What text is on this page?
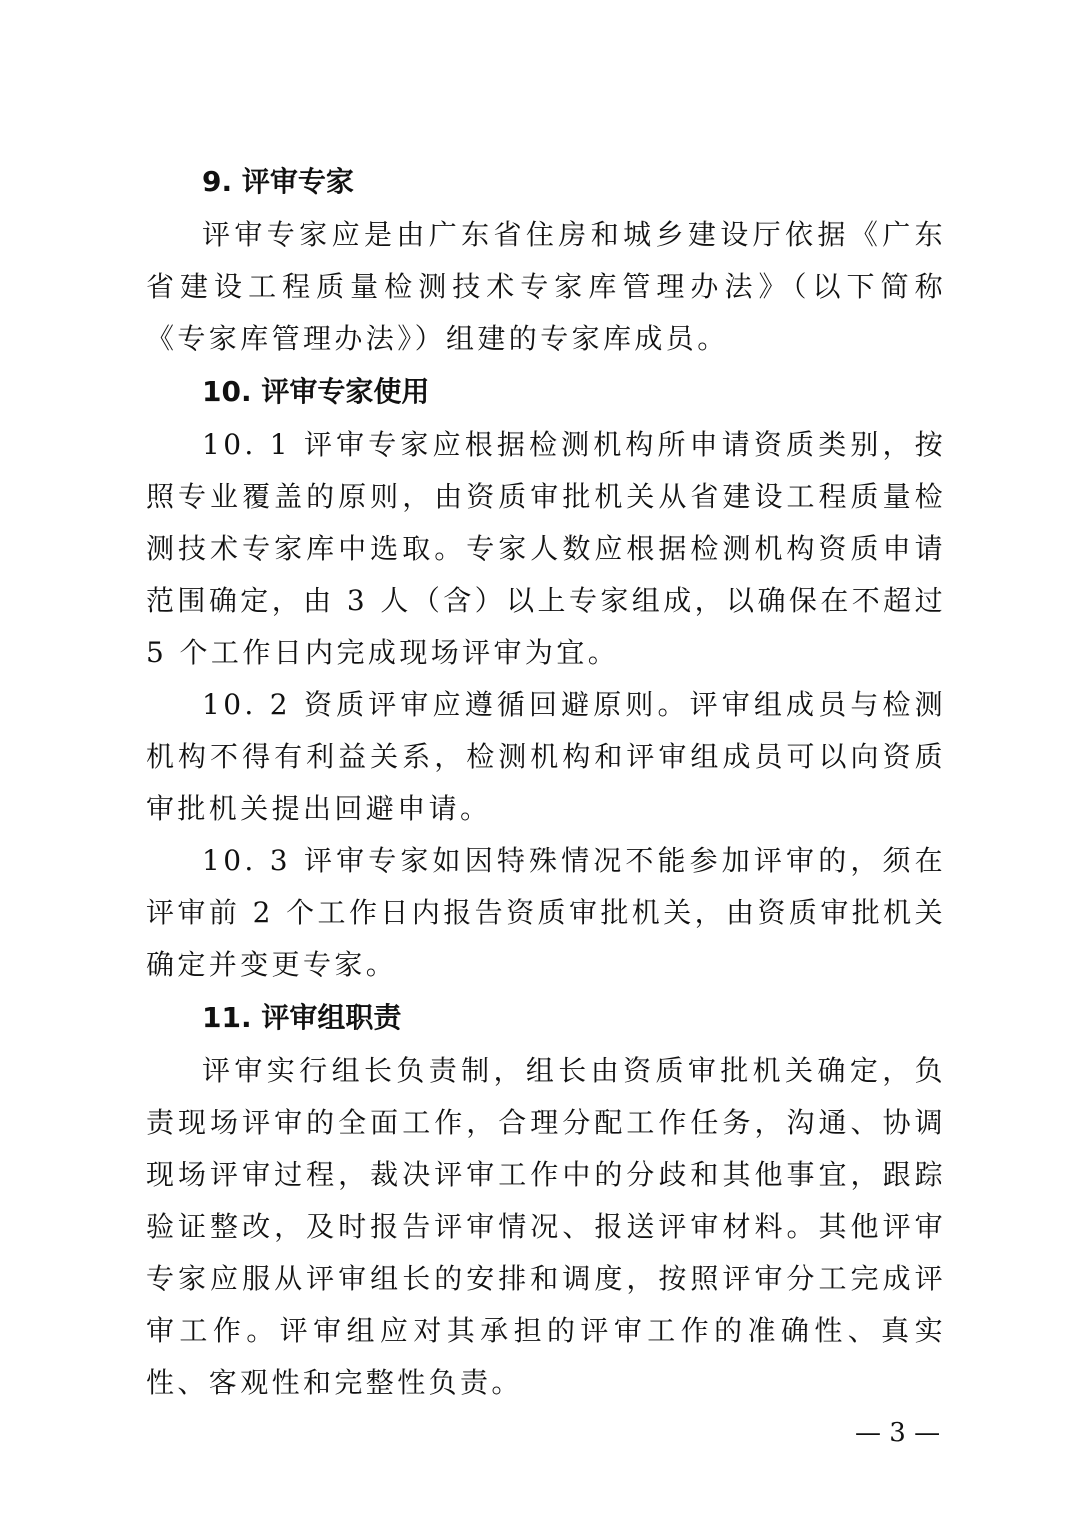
9. 评审专家

评审专家应是由广东省住房和城乡建设厅依据《广东省建设工程质量检测技术专家库管理办法》（以下简称《专家库管理办法》）组建的专家库成员。

10. 评审专家使用

10. 1 评审专家应根据检测机构所申请资质类别，按照专业覆盖的原则，由资质审批机关从省建设工程质量检测技术专家库中选取。专家人数应根据检测机构资质申请范围确定，由 3 人（含）以上专家组成，以确保在不超过 5 个工作日内完成现场评审为宜。

10. 2 资质评审应遵循回避原则。评审组成员与检测机构不得有利益关系，检测机构和评审组成员可以向资质审批机关提出回避申请。

10. 3 评审专家如因特殊情况不能参加评审的，须在评审前 2 个工作日内报告资质审批机关，由资质审批机关确定并变更专家。

11. 评审组职责

评审实行组长负责制，组长由资质审批机关确定，负责现场评审的全面工作，合理分配工作任务，沟通、协调现场评审过程，裁决评审工作中的分歧和其他事宜，跟踪验证整改，及时报告评审情况、报送评审材料。其他评审专家应服从评审组长的安排和调度，按照评审分工完成评审工作。评审组应对其承担的评审工作的准确性、真实性、客观性和完整性负责。

— 3 —
